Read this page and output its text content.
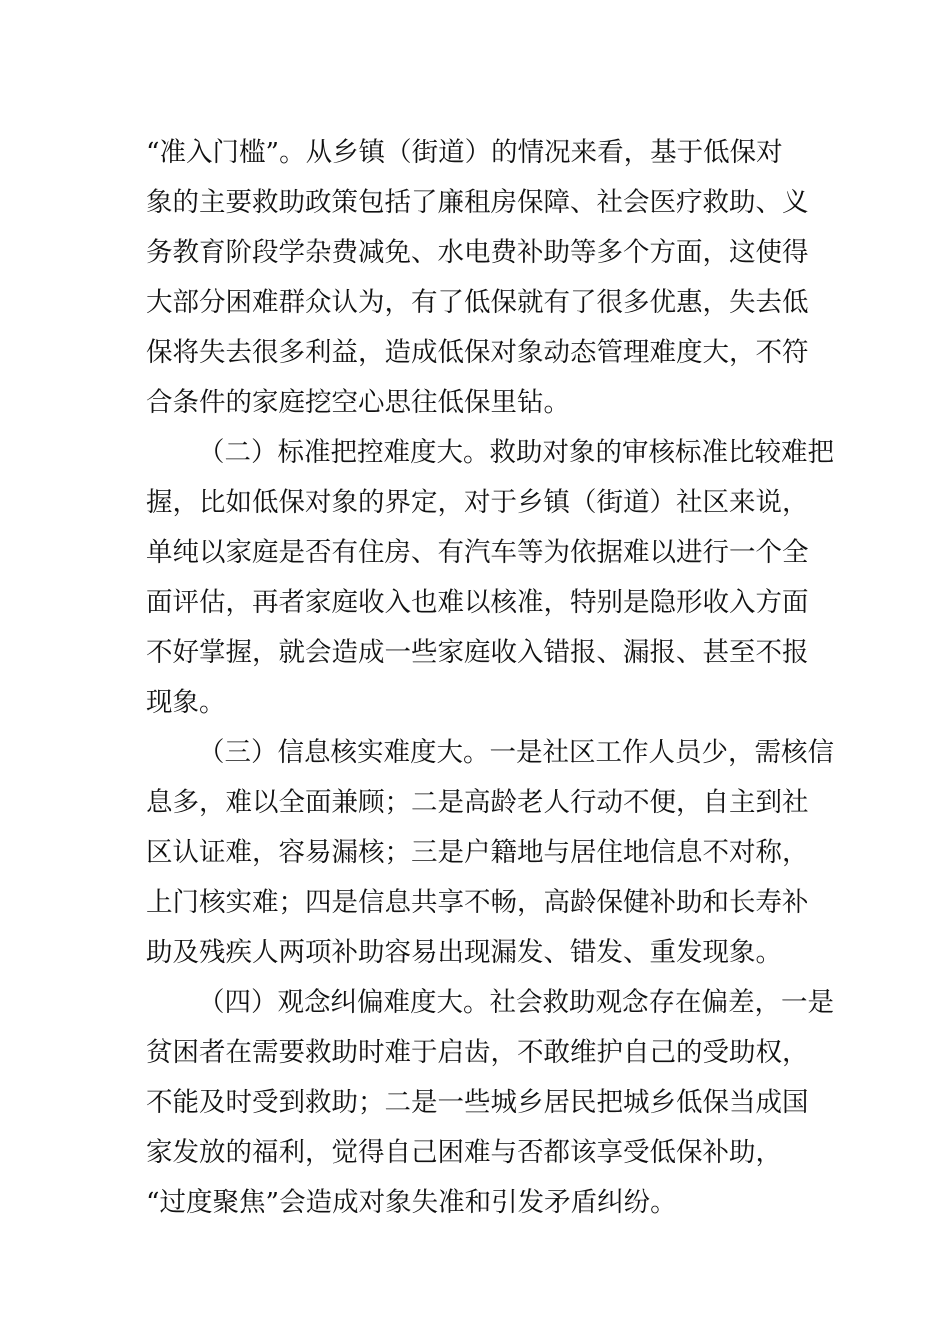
“准入门槛”。从乡镇（街道）的情况来看，基于低保对
象的主要救助政策包括了廉租房保障、社会医疗救助、义
务教育阶段学杂费减免、水电费补助等多个方面，这使得
大部分困难群众认为，有了低保就有了很多优惠，失去低
保将失去很多利益，造成低保对象动态管理难度大，不符
合条件的家庭挖空心思往低保里钻。
（二）标准把控难度大。救助对象的审核标准比较难把
握，比如低保对象的界定，对于乡镇（街道）社区来说，
单纯以家庭是否有住房、有汽车等为依据难以进行一个全
面评估，再者家庭收入也难以核准，特别是隐形收入方面
不好掌握，就会造成一些家庭收入错报、漏报、甚至不报
现象。
（三）信息核实难度大。一是社区工作人员少，需核信
息多，难以全面兼顾；二是高龄老人行动不便，自主到社
区认证难，容易漏核；三是户籍地与居住地信息不对称，
上门核实难；四是信息共享不畅，高龄保健补助和长寿补
助及残疾人两项补助容易出现漏发、错发、重发现象。
（四）观念纠偏难度大。社会救助观念存在偏差，一是
贫困者在需要救助时难于启齿，不敢维护自己的受助权，
不能及时受到救助；二是一些城乡居民把城乡低保当成国
家发放的福利，觉得自己困难与否都该享受低保补助，
“过度聚焦”会造成对象失准和引发矛盾纠纷。
